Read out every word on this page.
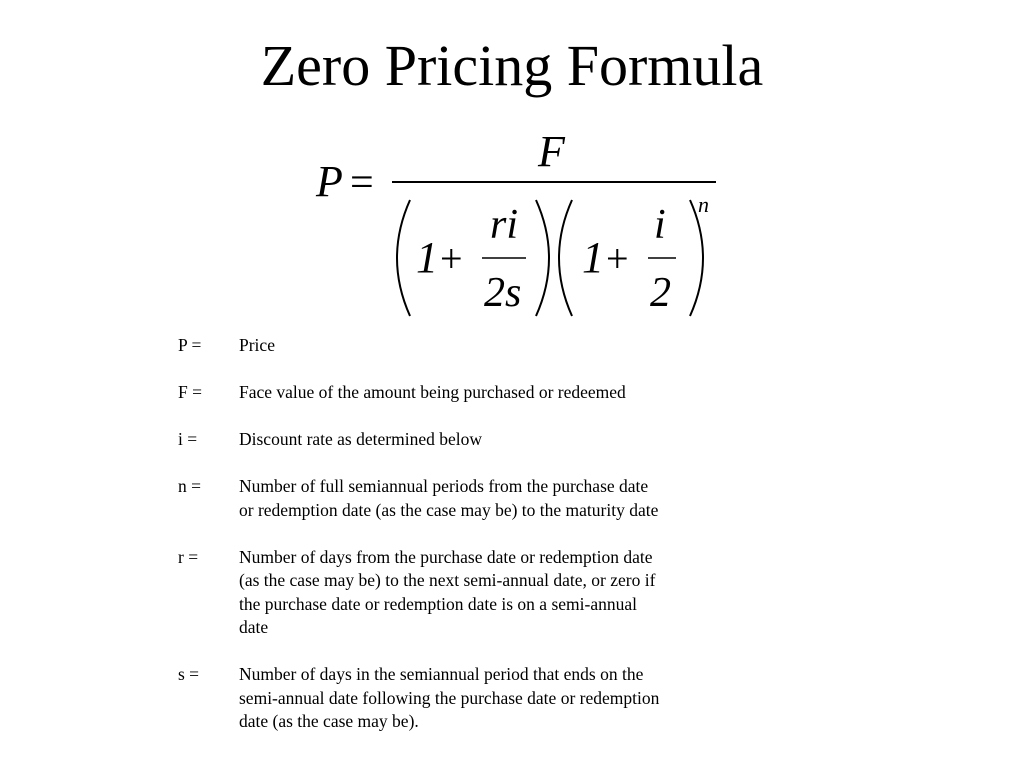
Zero Pricing Formula
P =
F
1 +
ri
2s
1 +
i
2
n
P =	Price
F =	Face value of the amount being purchased or redeemed
i =	Discount rate as determined below
n =	Number of full semiannual periods from the purchase date
or redemption date (as the case may be) to the maturity date
r =	Number of days from the purchase date or redemption date
(as the case may be) to the next semi-annual date, or zero if
the purchase date or redemption date is on a semi-annual
date
s =	Number of days in the semiannual period that ends on the
semi-annual date following the purchase date or redemption
date (as the case may be).
